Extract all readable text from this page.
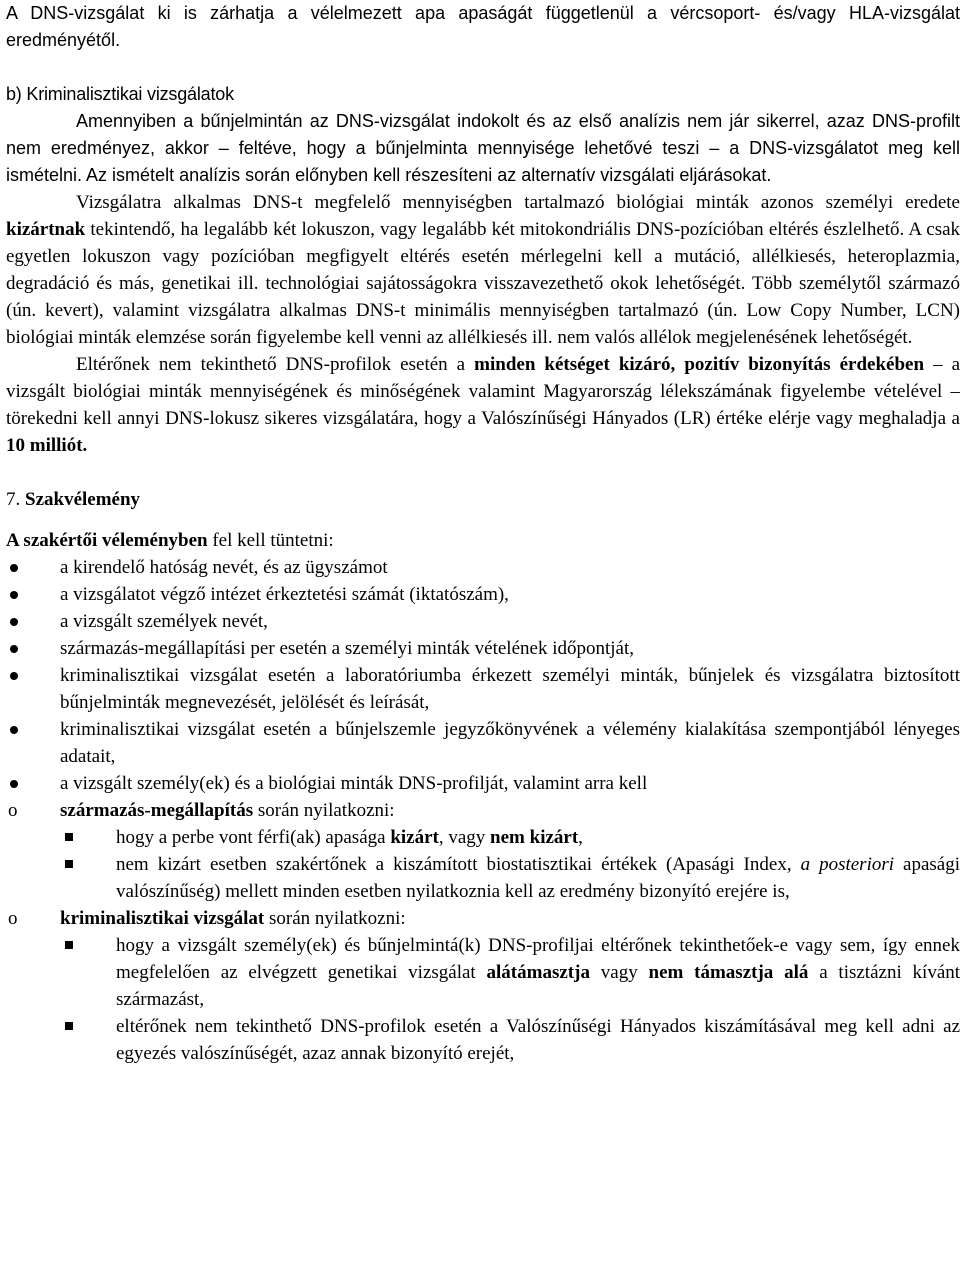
A DNS-vizsgálat ki is zárhatja a vélelmezett apa apaságát függetlenül a vércsoport- és/vagy HLA-vizsgálat eredményétől.

b) Kriminalisztikai vizsgálatok

Amennyiben a bűnjelmintán az DNS-vizsgálat indokolt és az első analízis nem jár sikerrel, azaz DNS-profilt nem eredményez, akkor – feltéve, hogy a bűnjelminta mennyisége lehetővé teszi – a DNS-vizsgálatot meg kell ismételni. Az ismételt analízis során előnyben kell részesíteni az alternatív vizsgálati eljárásokat.

Vizsgálatra alkalmas DNS-t megfelelő mennyiségben tartalmazó biológiai minták azonos személyi eredete kizártnak tekintendő, ha legalább két lokuszon, vagy legalább két mitokondriális DNS-pozícióban eltérés észlelhető. A csak egyetlen lokuszon vagy pozícióban megfigyelt eltérés esetén mérlegelni kell a mutáció, allélkiesés, heteroplazmia, degradáció és más, genetikai ill. technológiai sajátosságokra visszavezethető okok lehetőségét. Több személytől származó (ún. kevert), valamint vizsgálatra alkalmas DNS-t minimális mennyiségben tartalmazó (ún. Low Copy Number, LCN) biológiai minták elemzése során figyelembe kell venni az allélkiesés ill. nem valós allélok megjelenésének lehetőségét.

Eltérőnek nem tekinthető DNS-profilok esetén a minden kétséget kizáró, pozitív bizonyítás érdekében – a vizsgált biológiai minták mennyiségének és minőségének valamint Magyarország lélekszámának figyelembe vételével – törekedni kell annyi DNS-lokusz sikeres vizsgálatára, hogy a Valószínűségi Hányados (LR) értéke elérje vagy meghaladja a 10 milliót.

7. Szakvélemény

A szakértői véleményben fel kell tüntetni:

a kirendelő hatóság nevét, és az ügyszámot
a vizsgálatot végző intézet érkeztetési számát (iktatószám),
a vizsgált személyek nevét,
származás-megállapítási per esetén a személyi minták vételének időpontját,
kriminalisztikai vizsgálat esetén a laboratóriumba érkezett személyi minták, bűnjelek és vizsgálatra biztosított bűnjelminták megnevezését, jelölését és leírását,
kriminalisztikai vizsgálat esetén a bűnjelszemle jegyzőkönyvének a vélemény kialakítása szempontjából lényeges adatait,
a vizsgált személy(ek) és a biológiai minták DNS-profilját, valamint arra kell
o származás-megállapítás során nyilatkozni:
hogy a perbe vont férfi(ak) apasága kizárt, vagy nem kizárt,
nem kizárt esetben szakértőnek a kiszámított biostatisztikai értékek (Apasági Index, a posteriori apasági valószínűség) mellett minden esetben nyilatkoznia kell az eredmény bizonyító erejére is,
o kriminalisztikai vizsgálat során nyilatkozni:
hogy a vizsgált személy(ek) és bűnjelmintá(k) DNS-profiljai eltérőnek tekinthetőek-e vagy sem, így ennek megfelelően az elvégzett genetikai vizsgálat alátámasztja vagy nem támasztja alá a tisztázni kívánt származást,
eltérőnek nem tekinthető DNS-profilok esetén a Valószínűségi Hányados kiszámításával meg kell adni az egyezés valószínűségét, azaz annak bizonyító erejét,
